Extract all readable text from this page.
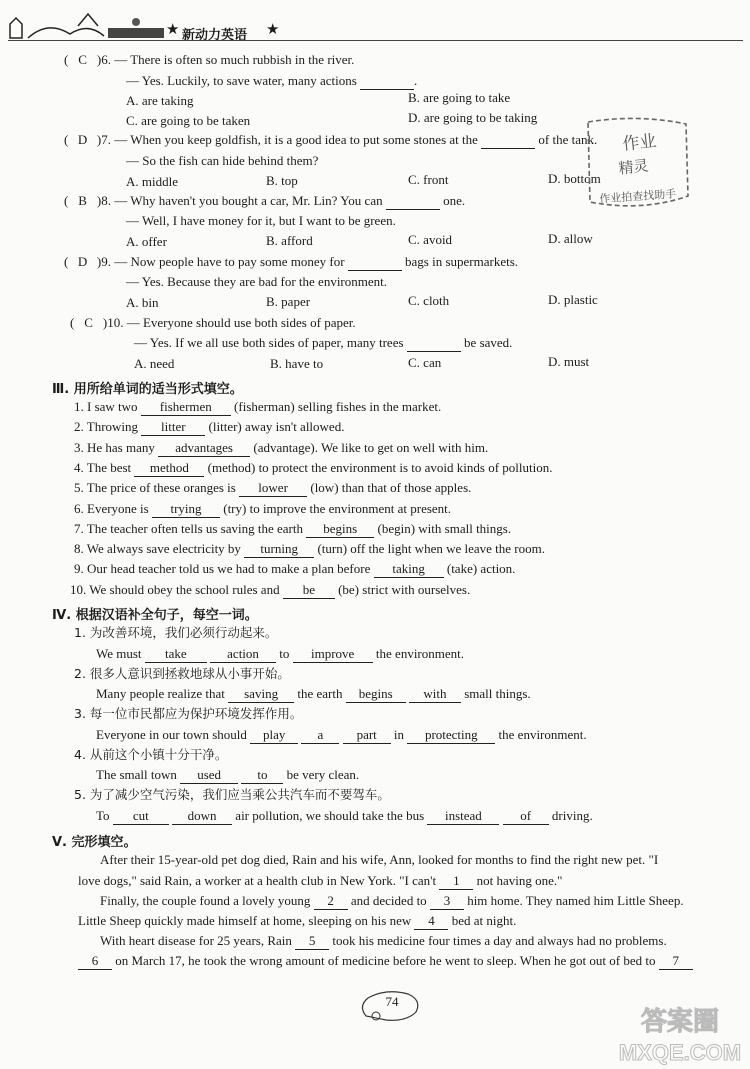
★ 新动力英语 ★
( C )6. — There is often so much rubbish in the river.
— Yes. Luckily, to save water, many actions	.
A. are taking	B. are going to take
C. are going to be taken	D. are going to be taking
( D )7. — When you keep goldfish, it is a good idea to put some stones at the	of the tank.
— So the fish can hide behind them?
A. middle	B. top	C. front	D. bottom
( B )8. — Why haven't you bought a car, Mr. Lin? You can	one.
— Well, I have money for it, but I want to be green.
A. offer	B. afford	C. avoid	D. allow
( D )9. — Now people have to pay some money for	bags in supermarkets.
— Yes. Because they are bad for the environment.
A. bin	B. paper	C. cloth	D. plastic
( C )10. — Everyone should use both sides of paper.
— Yes. If we all use both sides of paper, many trees	be saved.
A. need	B. have to	C. can	D. must
作业
精灵
作业拍查找助手
Ⅲ. 用所给单词的适当形式填空。
1. I saw two fishermen (fisherman) selling fishes in the market.
2. Throwing litter (litter) away isn't allowed.
3. He has many advantages (advantage). We like to get on well with him.
4. The best method (method) to protect the environment is to avoid kinds of pollution.
5. The price of these oranges is lower (low) than that of those apples.
6. Everyone is trying (try) to improve the environment at present.
7. The teacher often tells us saving the earth begins (begin) with small things.
8. We always save electricity by turning (turn) off the light when we leave the room.
9. Our head teacher told us we had to make a plan before taking (take) action.
10. We should obey the school rules and be (be) strict with ourselves.
Ⅳ. 根据汉语补全句子，每空一词。
1. 为改善环境，我们必须行动起来。
We must take	action to improve the environment.
2. 很多人意识到拯救地球从小事开始。
Many people realize that saving the earth begins with small things.
3. 每一位市民都应为保护环境发挥作用。
Everyone in our town should play a	part in protecting the environment.
4. 从前这个小镇十分干净。
The small town used	to be very clean.
5. 为了减少空气污染，我们应当乘公共汽车而不要驾车。
To cut	down air pollution, we should take the bus instead	of driving.
Ⅴ. 完形填空。
After their 15-year-old pet dog died, Rain and his wife, Ann, looked for months to find the right new pet. "I
love dogs," said Rain, a worker at a health club in New York. "I can't 1 not having one."
Finally, the couple found a lovely young 2 and decided to 3 him home. They named him Little Sheep.
Little Sheep quickly made himself at home, sleeping on his new 4 bed at night.
With heart disease for 25 years, Rain 5 took his medicine four times a day and always had no problems.
6 on March 17, he took the wrong amount of medicine before he went to sleep. When he got out of bed to 7
74
答案圈
MXQE.COM
